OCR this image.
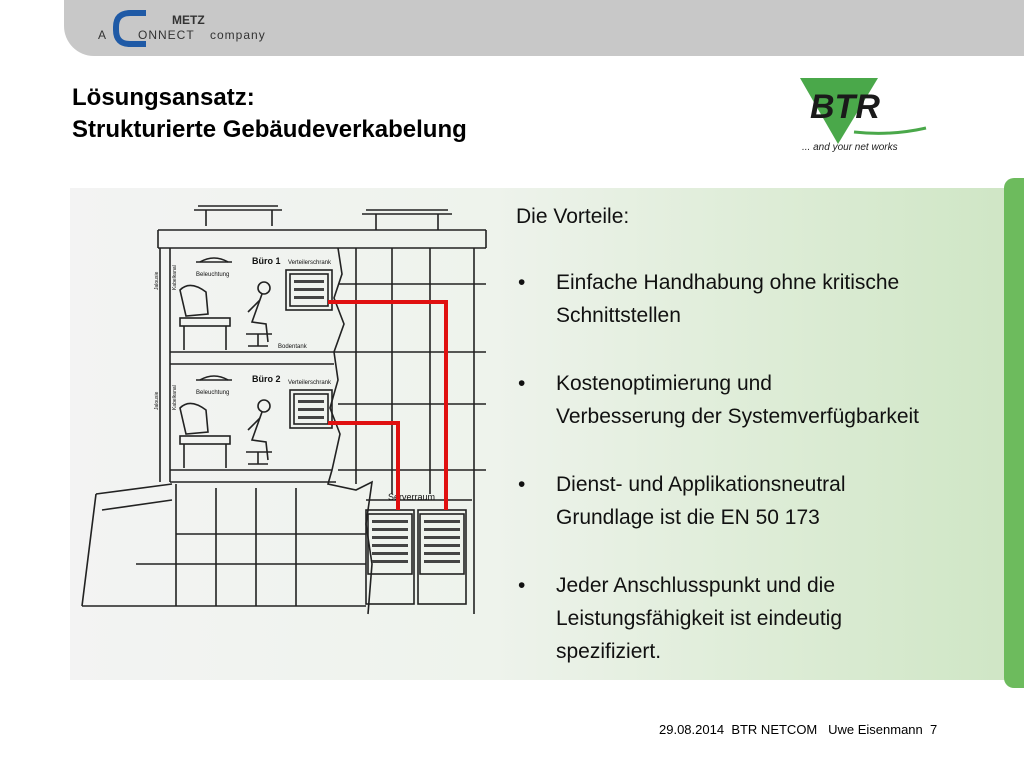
A
METZ
ONNECT company
Lösungsansatz:
Strukturierte Gebäudeverkabelung
BTR
... and your net works
Büro 1 Verteilerschrank
Beleuchtung
Bodentank
Büro 2 Verteilerschrank
Beleuchtung
Serverraum
Jalousie Kabelkanal
Jalousie Kabelkanal
Die Vorteile:
• Einfache Handhabung ohne kritische
Schnittstellen
• Kostenoptimierung und
Verbesserung der Systemverfügbarkeit
• Dienst- und Applikationsneutral
Grundlage ist die EN 50 173
• Jeder Anschlusspunkt und die
Leistungsfähigkeit ist eindeutig
spezifiziert.
29.08.2014 BTR NETCOM Uwe Eisenmann 7
